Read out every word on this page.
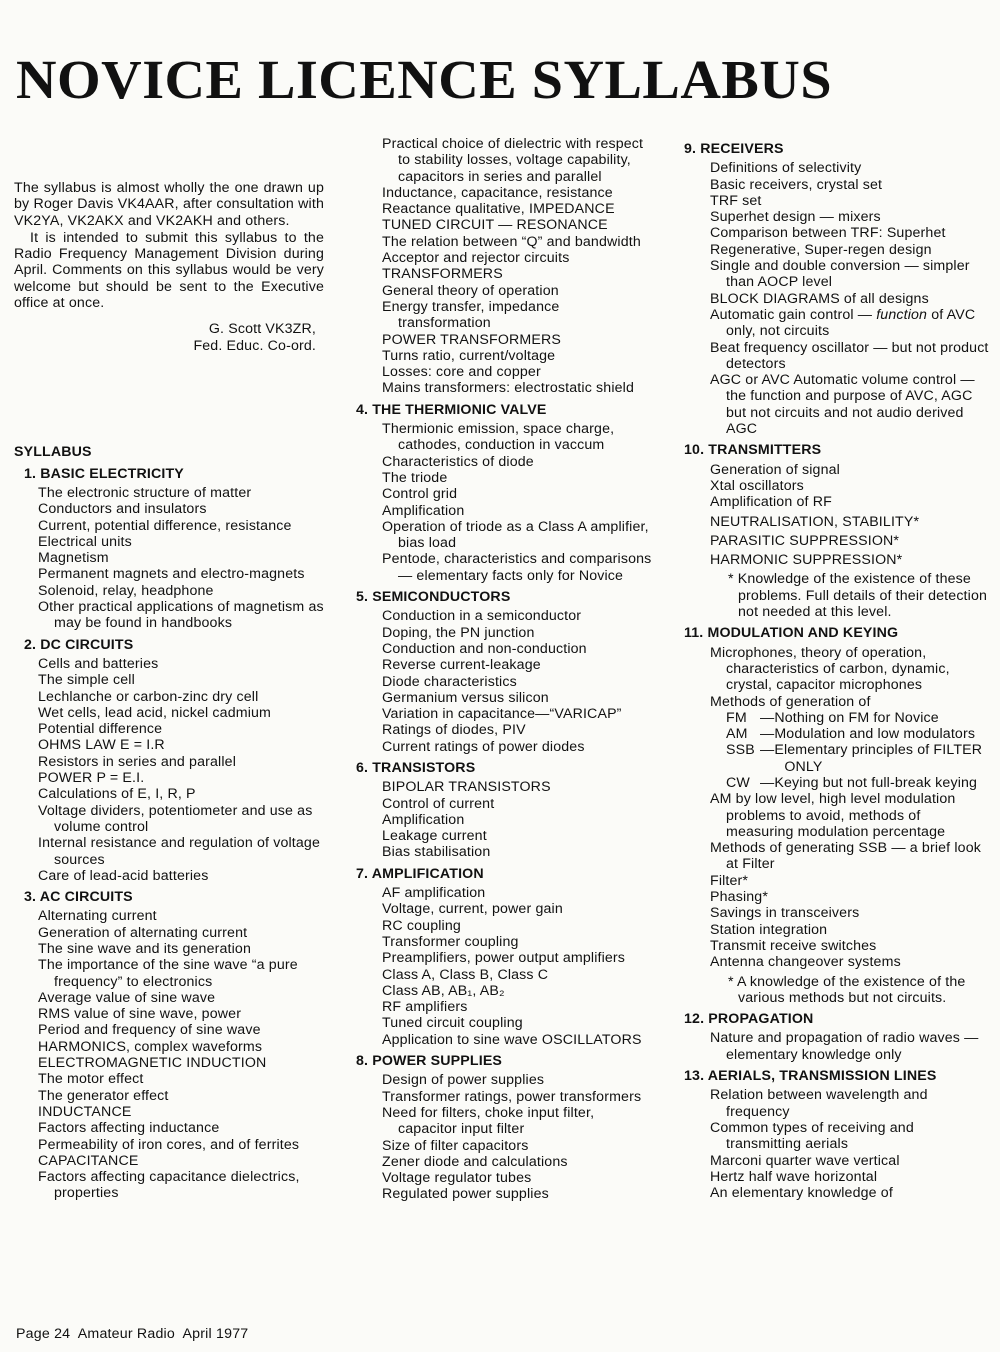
NOVICE LICENCE SYLLABUS

The syllabus is almost wholly the one drawn up by Roger Davis VK4AAR, after consultation with VK2YA, VK2AKX and VK2AKH and others.

It is intended to submit this syllabus to the Radio Frequency Management Division during April. Comments on this syllabus would be very welcome but should be sent to the Executive office at once.

G. Scott VK3ZR,
Fed. Educ. Co-ord.
SYLLABUS
1. BASIC ELECTRICITY
The electronic structure of matter
Conductors and insulators
Current, potential difference, resistance
Electrical units
Magnetism
Permanent magnets and electro-magnets
Solenoid, relay, headphone
Other practical applications of magnetism as may be found in handbooks
2. DC CIRCUITS
Cells and batteries
The simple cell
Lechlanche or carbon-zinc dry cell
Wet cells, lead acid, nickel cadmium
Potential difference
OHMS LAW E = I.R
Resistors in series and parallel
POWER P = E.I.
Calculations of E, I, R, P
Voltage dividers, potentiometer and use as volume control
Internal resistance and regulation of voltage sources
Care of lead-acid batteries
3. AC CIRCUITS
Alternating current
Generation of alternating current
The sine wave and its generation
The importance of the sine wave “a pure frequency” to electronics
Average value of sine wave
RMS value of sine wave, power
Period and frequency of sine wave
HARMONICS, complex waveforms
ELECTROMAGNETIC INDUCTION
The motor effect
The generator effect
INDUCTANCE
Factors affecting inductance
Permeability of iron cores, and of ferrites
CAPACITANCE
Factors affecting capacitance dielectrics, properties
Practical choice of dielectric with respect to stability losses, voltage capability, capacitors in series and parallel
Inductance, capacitance, resistance
Reactance qualitative, IMPEDANCE
TUNED CIRCUIT — RESONANCE
The relation between “Q” and bandwidth
Acceptor and rejector circuits
TRANSFORMERS
General theory of operation
Energy transfer, impedance transformation
POWER TRANSFORMERS
Turns ratio, current/voltage
Losses: core and copper
Mains transformers: electrostatic shield
4. THE THERMIONIC VALVE
Thermionic emission, space charge, cathodes, conduction in vaccum
Characteristics of diode
The triode
Control grid
Amplification
Operation of triode as a Class A amplifier, bias load
Pentode, characteristics and comparisons — elementary facts only for Novice
5. SEMICONDUCTORS
Conduction in a semiconductor
Doping, the PN junction
Conduction and non-conduction
Reverse current-leakage
Diode characteristics
Germanium versus silicon
Variation in capacitance—“VARICAP”
Ratings of diodes, PIV
Current ratings of power diodes
6. TRANSISTORS
BIPOLAR TRANSISTORS
Control of current
Amplification
Leakage current
Bias stabilisation
7. AMPLIFICATION
AF amplification
Voltage, current, power gain
RC coupling
Transformer coupling
Preamplifiers, power output amplifiers
Class A, Class B, Class C
Class AB, AB₁, AB₂
RF amplifiers
Tuned circuit coupling
Application to sine wave OSCILLATORS
8. POWER SUPPLIES
Design of power supplies
Transformer ratings, power transformers
Need for filters, choke input filter, capacitor input filter
Size of filter capacitors
Zener diode and calculations
Voltage regulator tubes
Regulated power supplies
9. RECEIVERS
Definitions of selectivity
Basic receivers, crystal set
TRF set
Superhet design — mixers
Comparison between TRF: Superhet
Regenerative, Super-regen design
Single and double conversion — simpler than AOCP level
BLOCK DIAGRAMS of all designs
Automatic gain control — function of AVC only, not circuits
Beat frequency oscillator — but not product detectors
AGC or AVC Automatic volume control — the function and purpose of AVC, AGC but not circuits and not audio derived AGC
10. TRANSMITTERS
Generation of signal
Xtal oscillators
Amplification of RF
NEUTRALISATION, STABILITY*
PARASITIC SUPPRESSION*
HARMONIC SUPPRESSION*
* Knowledge of the existence of these problems. Full details of their detection not needed at this level.
11. MODULATION AND KEYING
Microphones, theory of operation, characteristics of carbon, dynamic, crystal, capacitor microphones
Methods of generation of
FM — Nothing on FM for Novice
AM — Modulation and low modulators
SSB — Elementary principles of FILTER ONLY
CW — Keying but not full-break keying
AM by low level, high level modulation problems to avoid, methods of measuring modulation percentage
Methods of generating SSB — a brief look at Filter
Filter*
Phasing*
Savings in transceivers
Station integration
Transmit receive switches
Antenna changeover systems
* A knowledge of the existence of the various methods but not circuits.
12. PROPAGATION
Nature and propagation of radio waves — elementary knowledge only
13. AERIALS, TRANSMISSION LINES
Relation between wavelength and frequency
Common types of receiving and transmitting aerials
Marconi quarter wave vertical
Hertz half wave horizontal
An elementary knowledge of
Page 24 Amateur Radio April 1977
